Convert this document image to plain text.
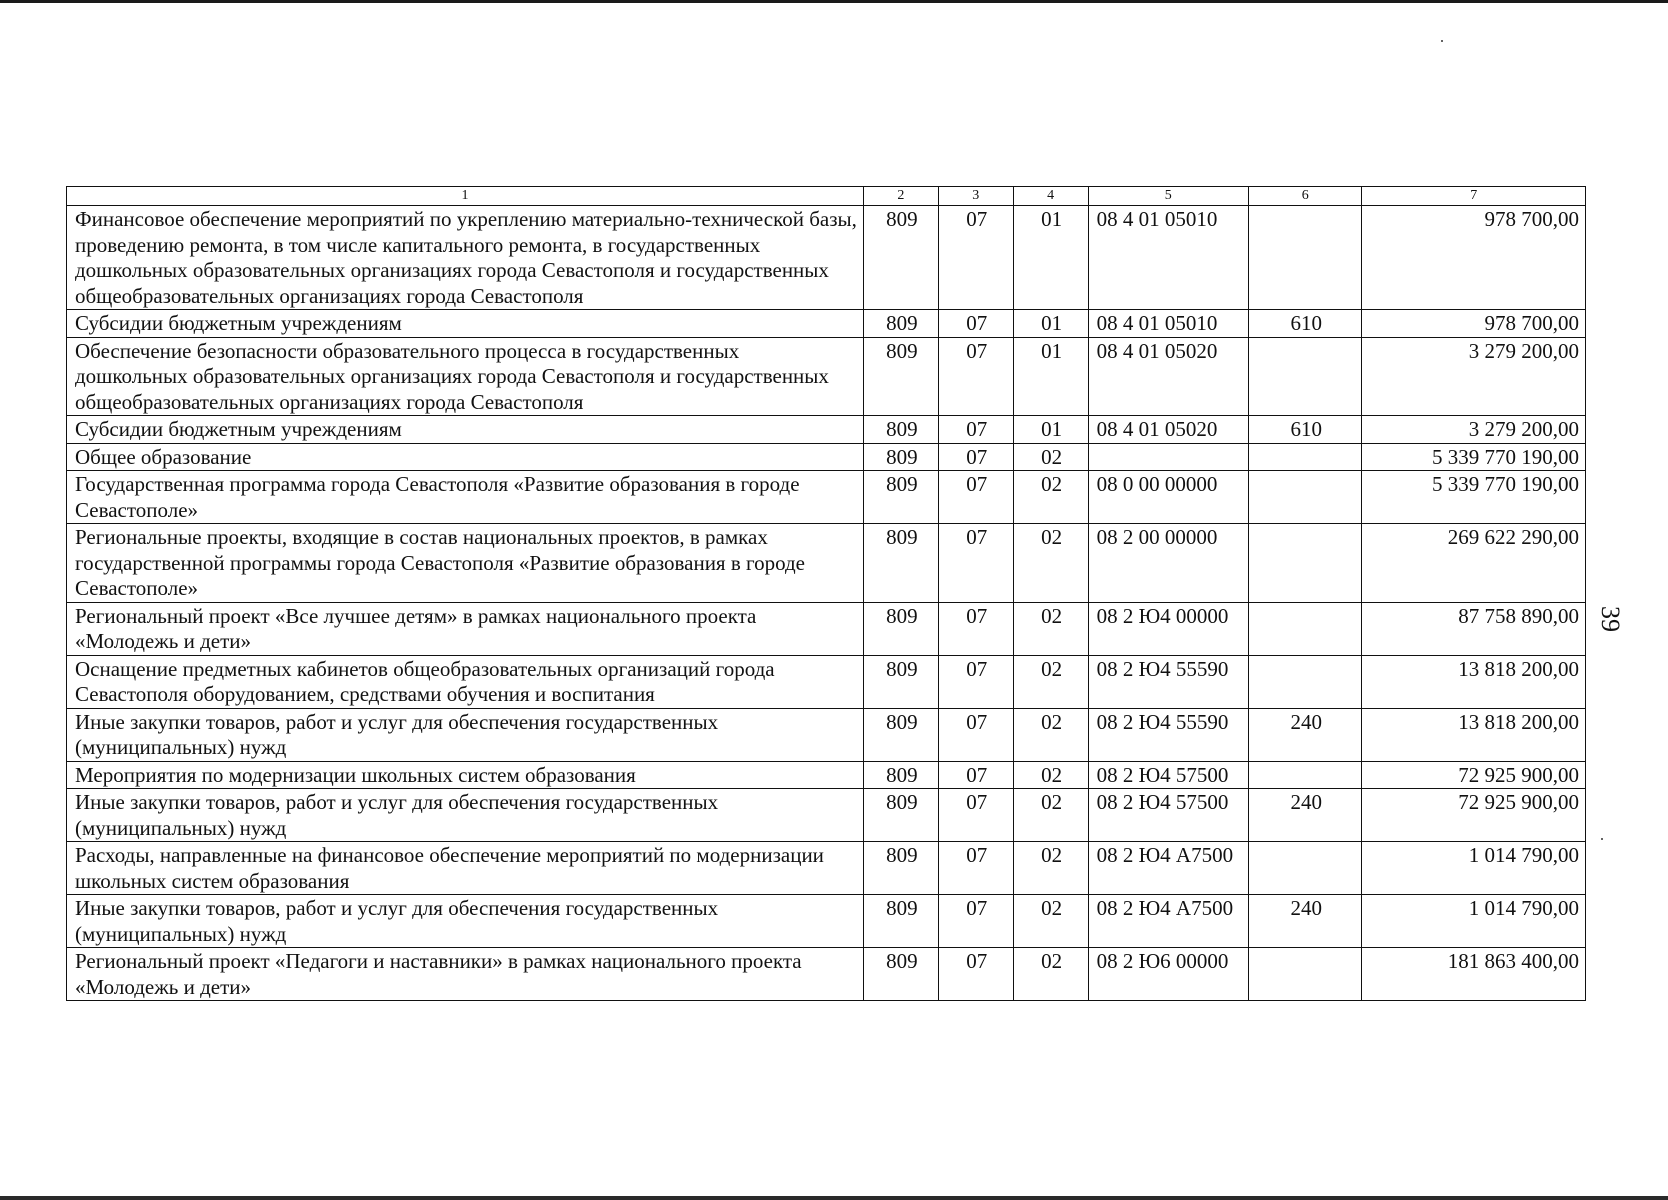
39
1	2	3	4	5	6	7
Финансовое обеспечение мероприятий по укреплению материально-технической базы, проведению ремонта, в том числе капитального ремонта, в государственных дошкольных образовательных организациях города Севастополя и государственных общеобразовательных организациях города Севастополя	809	07	01	08 4 01 05010		978 700,00
Субсидии бюджетным учреждениям	809	07	01	08 4 01 05010	610	978 700,00
Обеспечение безопасности образовательного процесса в государственных дошкольных образовательных организациях города Севастополя и государственных общеобразовательных организациях города Севастополя	809	07	01	08 4 01 05020		3 279 200,00
Субсидии бюджетным учреждениям	809	07	01	08 4 01 05020	610	3 279 200,00
Общее образование	809	07	02			5 339 770 190,00
Государственная программа города Севастополя «Развитие образования в городе Севастополе»	809	07	02	08 0 00 00000		5 339 770 190,00
Региональные проекты, входящие в состав национальных проектов, в рамках государственной программы города Севастополя «Развитие образования в городе Севастополе»	809	07	02	08 2 00 00000		269 622 290,00
Региональный проект «Все лучшее детям» в рамках национального проекта «Молодежь и дети»	809	07	02	08 2 Ю4 00000		87 758 890,00
Оснащение предметных кабинетов общеобразовательных организаций города Севастополя оборудованием, средствами обучения и воспитания	809	07	02	08 2 Ю4 55590		13 818 200,00
Иные закупки товаров, работ и услуг для обеспечения государственных (муниципальных) нужд	809	07	02	08 2 Ю4 55590	240	13 818 200,00
Мероприятия по модернизации школьных систем образования	809	07	02	08 2 Ю4 57500		72 925 900,00
Иные закупки товаров, работ и услуг для обеспечения государственных (муниципальных) нужд	809	07	02	08 2 Ю4 57500	240	72 925 900,00
Расходы, направленные на финансовое обеспечение мероприятий по модернизации школьных систем образования	809	07	02	08 2 Ю4 А7500		1 014 790,00
Иные закупки товаров, работ и услуг для обеспечения государственных (муниципальных) нужд	809	07	02	08 2 Ю4 А7500	240	1 014 790,00
Региональный проект «Педагоги и наставники» в рамках национального проекта «Молодежь и дети»	809	07	02	08 2 Ю6 00000		181 863 400,00
